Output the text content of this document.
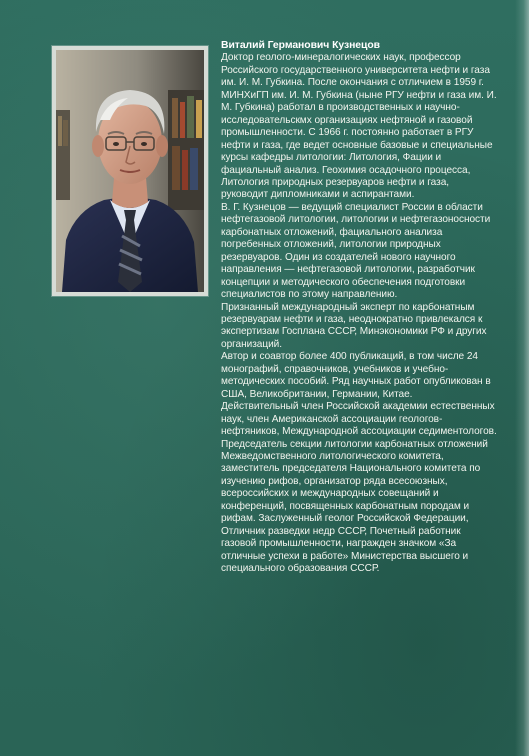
Виталий Германович Кузнецов

Доктор геолого-минералогических наук, профессор Российского государственного университета нефти и газа им. И. М. Губкина. После окончания с отличием в 1959 г. МИНХиГП им. И. М. Губкина (ныне РГУ нефти и газа им. И. М. Губкина) работал в производственных и научно-исследовательскмх организациях нефтяной и газовой промышленности. С 1966 г. постоянно работает в РГУ нефти и газа, где ведет основные базовые и специальные курсы кафедры литологии: Литология, Фации и фациальный анализ. Геохимия осадочного процесса, Литология природных резервуаров нефти и газа, руководит дипломниками и аспирантами.

В. Г. Кузнецов — ведущий специалист России в области нефтегазовой литологии, литологии и нефтегазоносности карбонатных отложений, фациального анализа погребенных отложений, литологии природных резервуаров. Один из создателей нового научного направления — нефтегазовой литологии, разработчик концепции и методического обеспечения подготовки специалистов по этому направлению.

Признанный международный эксперт по карбонатным резервуарам нефти и газа, неоднократно привлекался к экспертизам Госплана СССР, Минэкономики РФ и других организаций.

Автор и соавтор более 400 публикаций, в том числе 24 монографий, справочников, учебников и учебно-методических пособий. Ряд научных работ опубликован в США, Великобритании, Германии, Китае.

Действительный член Российской академии естественных наук, член Американской ассоциации геологов-нефтяников, Международной ассоциации седиментологов.

Председатель секции литологии карбонатных отложений Межведомственного литологического комитета, заместитель председателя Национального комитета по изучению рифов, организатор ряда всесоюзных, всероссийских и международных совещаний и конференций, посвященных карбонатным породам и рифам. Заслуженный геолог Российской Федерации, Отличник разведки недр СССР, Почетный работник газовой промышленности, награжден значком «За отличные успехи в работе» Министерства высшего и специального образования СССР.
